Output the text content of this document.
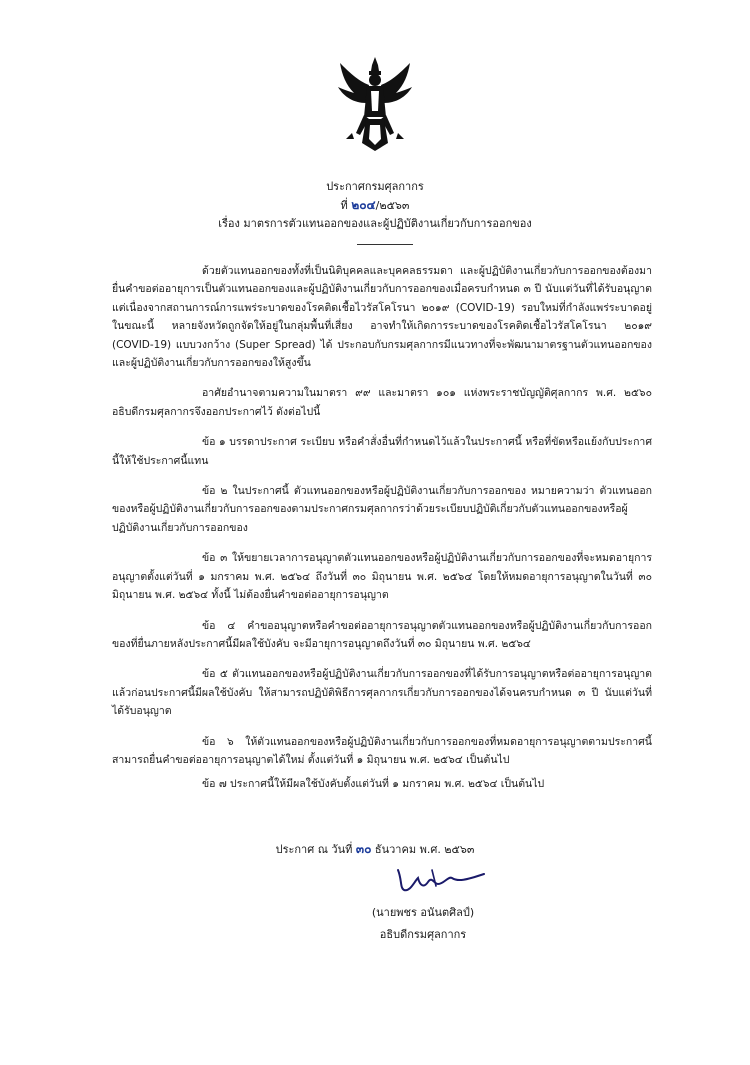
ประกาศกรมศุลกากร
ที่ ๒๐๔/๒๕๖๓
เรื่อง มาตรการตัวแทนออกของและผู้ปฏิบัติงานเกี่ยวกับการออกของ

ด้วยตัวแทนออกของทั้งที่เป็นนิติบุคคลและบุคคลธรรมดา และผู้ปฏิบัติงานเกี่ยวกับการออกของต้องมายื่นคำขอต่ออายุการเป็นตัวแทนออกของและผู้ปฏิบัติงานเกี่ยวกับการออกของเมื่อครบกำหนด ๓ ปี นับแต่วันที่ได้รับอนุญาต แต่เนื่องจากสถานการณ์การแพร่ระบาดของโรคติดเชื้อไวรัสโคโรนา ๒๐๑๙ (COVID-19) รอบใหม่ที่กำลังแพร่ระบาดอยู่ในขณะนี้ หลายจังหวัดถูกจัดให้อยู่ในกลุ่มพื้นที่เสี่ยง อาจทำให้เกิดการระบาดของโรคติดเชื้อไวรัสโคโรนา ๒๐๑๙ (COVID-19) แบบวงกว้าง (Super Spread) ได้ ประกอบกับกรมศุลกากรมีแนวทางที่จะพัฒนามาตรฐานตัวแทนออกของและผู้ปฏิบัติงานเกี่ยวกับการออกของให้สูงขึ้น

อาศัยอำนาจตามความในมาตรา ๙๙ และมาตรา ๑๐๑ แห่งพระราชบัญญัติศุลกากร พ.ศ. ๒๕๖๐ อธิบดีกรมศุลกากรจึงออกประกาศไว้ ดังต่อไปนี้

ข้อ ๑ บรรดาประกาศ ระเบียบ หรือคำสั่งอื่นที่กำหนดไว้แล้วในประกาศนี้ หรือที่ขัดหรือแย้งกับประกาศนี้ให้ใช้ประกาศนี้แทน

ข้อ ๒ ในประกาศนี้ ตัวแทนออกของหรือผู้ปฏิบัติงานเกี่ยวกับการออกของ หมายความว่า ตัวแทนออกของหรือผู้ปฏิบัติงานเกี่ยวกับการออกของตามประกาศกรมศุลกากรว่าด้วยระเบียบปฏิบัติเกี่ยวกับตัวแทนออกของหรือผู้ปฏิบัติงานเกี่ยวกับการออกของ

ข้อ ๓ ให้ขยายเวลาการอนุญาตตัวแทนออกของหรือผู้ปฏิบัติงานเกี่ยวกับการออกของที่จะหมดอายุการอนุญาตตั้งแต่วันที่ ๑ มกราคม พ.ศ. ๒๕๖๔ ถึงวันที่ ๓๐ มิถุนายน พ.ศ. ๒๕๖๔ โดยให้หมดอายุการอนุญาตในวันที่ ๓๐ มิถุนายน พ.ศ. ๒๕๖๔ ทั้งนี้ ไม่ต้องยื่นคำขอต่ออายุการอนุญาต

ข้อ ๔ คำขออนุญาตหรือคำขอต่ออายุการอนุญาตตัวแทนออกของหรือผู้ปฏิบัติงานเกี่ยวกับการออกของที่ยื่นภายหลังประกาศนี้มีผลใช้บังคับ จะมีอายุการอนุญาตถึงวันที่ ๓๐ มิถุนายน พ.ศ. ๒๕๖๔

ข้อ ๕ ตัวแทนออกของหรือผู้ปฏิบัติงานเกี่ยวกับการออกของที่ได้รับการอนุญาตหรือต่ออายุการอนุญาตแล้วก่อนประกาศนี้มีผลใช้บังคับ ให้สามารถปฏิบัติพิธีการศุลกากรเกี่ยวกับการออกของได้จนครบกำหนด ๓ ปี นับแต่วันที่ได้รับอนุญาต

ข้อ ๖ ให้ตัวแทนออกของหรือผู้ปฏิบัติงานเกี่ยวกับการออกของที่หมดอายุการอนุญาตตามประกาศนี้ สามารถยื่นคำขอต่ออายุการอนุญาตได้ใหม่ ตั้งแต่วันที่ ๑ มิถุนายน พ.ศ. ๒๕๖๔ เป็นต้นไป

ข้อ ๗ ประกาศนี้ให้มีผลใช้บังคับตั้งแต่วันที่ ๑ มกราคม พ.ศ. ๒๕๖๔ เป็นต้นไป

ประกาศ ณ วันที่ ๓๐ ธันวาคม พ.ศ. ๒๕๖๓
(นายพชร อนันตศิลป์)
อธิบดีกรมศุลกากร
